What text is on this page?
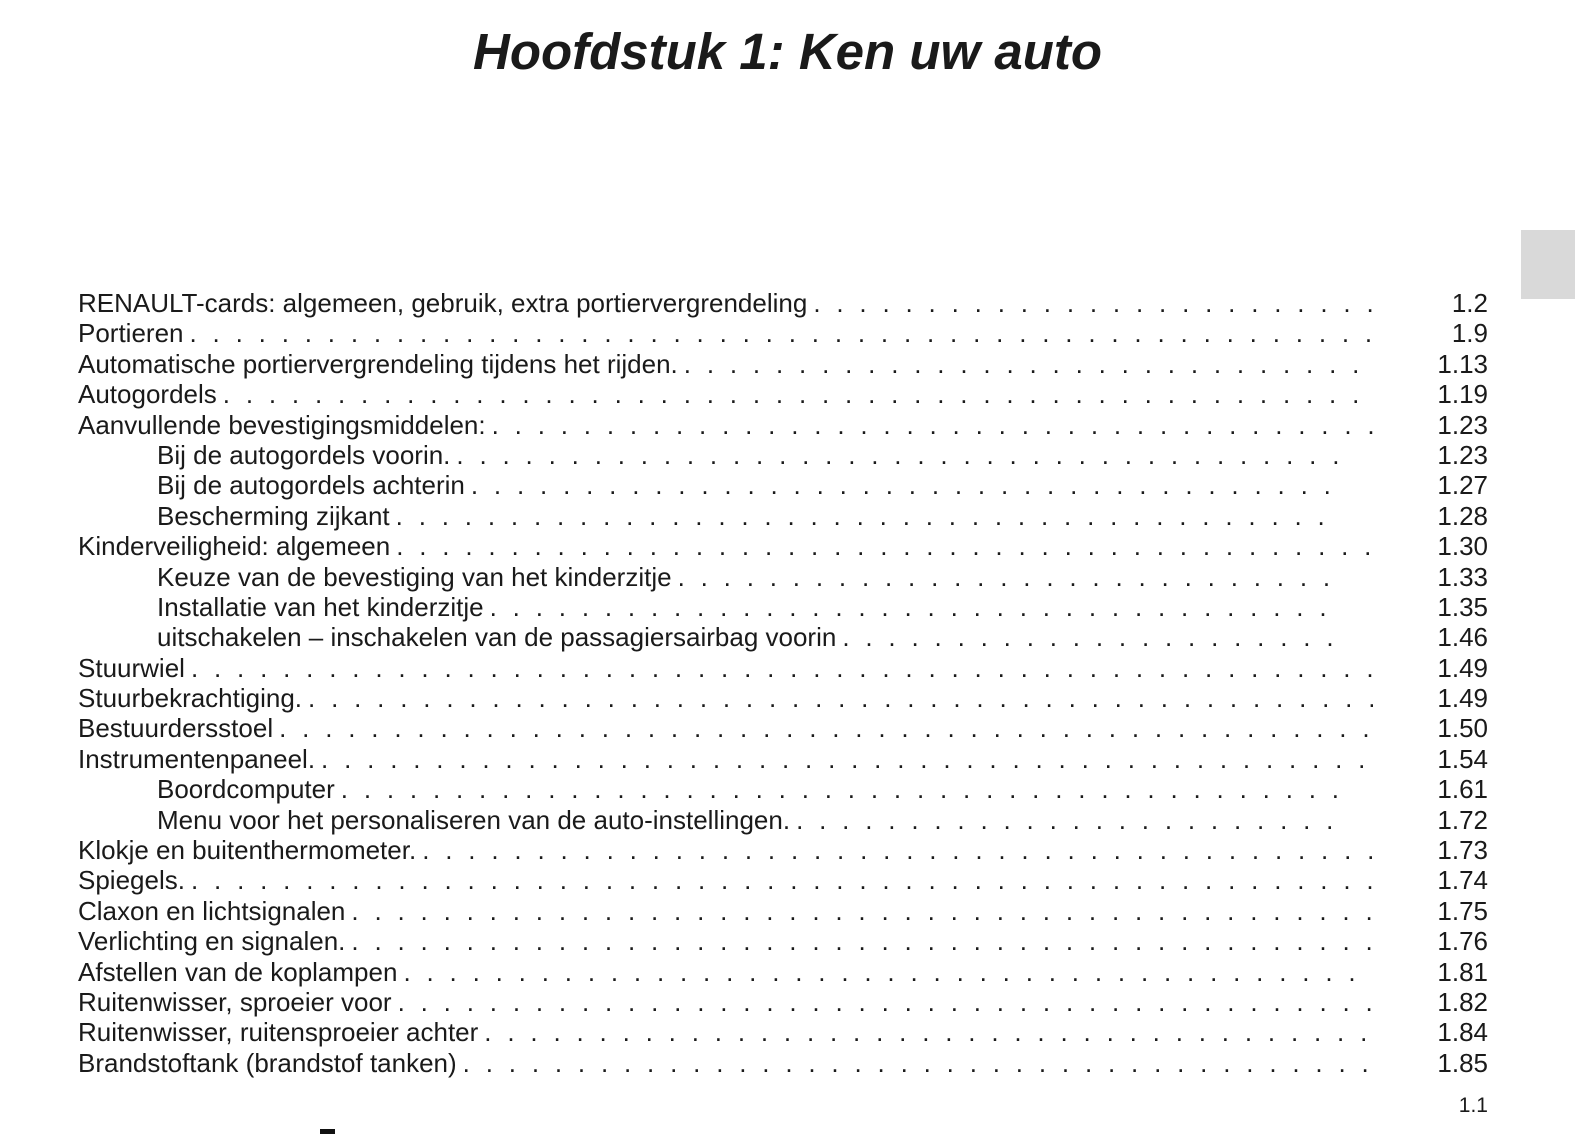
Hoofdstuk 1: Ken uw auto
RENAULT-cards: algemeen, gebruik, extra portiervergrendeling . . .	1.2
Portieren . . .	1.9
Automatische portiervergrendeling tijdens het rijden. . . .	1.13
Autogordels . . .	1.19
Aanvullende bevestigingsmiddelen: . . .	1.23
Bij de autogordels voorin. . . .	1.23
Bij de autogordels achterin . . .	1.27
Bescherming zijkant . . .	1.28
Kinderveiligheid: algemeen . . .	1.30
Keuze van de bevestiging van het kinderzitje . . .	1.33
Installatie van het kinderzitje . . .	1.35
uitschakelen – inschakelen van de passagiersairbag voorin . . .	1.46
Stuurwiel . . .	1.49
Stuurbekrachtiging. . . .	1.49
Bestuurdersstoel . . .	1.50
Instrumentenpaneel. . . .	1.54
Boordcomputer . . .	1.61
Menu voor het personaliseren van de auto-instellingen. . . .	1.72
Klokje en buitenthermometer. . . .	1.73
Spiegels. . . .	1.74
Claxon en lichtsignalen . . .	1.75
Verlichting en signalen. . . .	1.76
Afstellen van de koplampen . . .	1.81
Ruitenwisser, sproeier voor . . .	1.82
Ruitenwisser, ruitensproeier achter . . .	1.84
Brandstoftank (brandstof tanken) . . .	1.85
1.1
